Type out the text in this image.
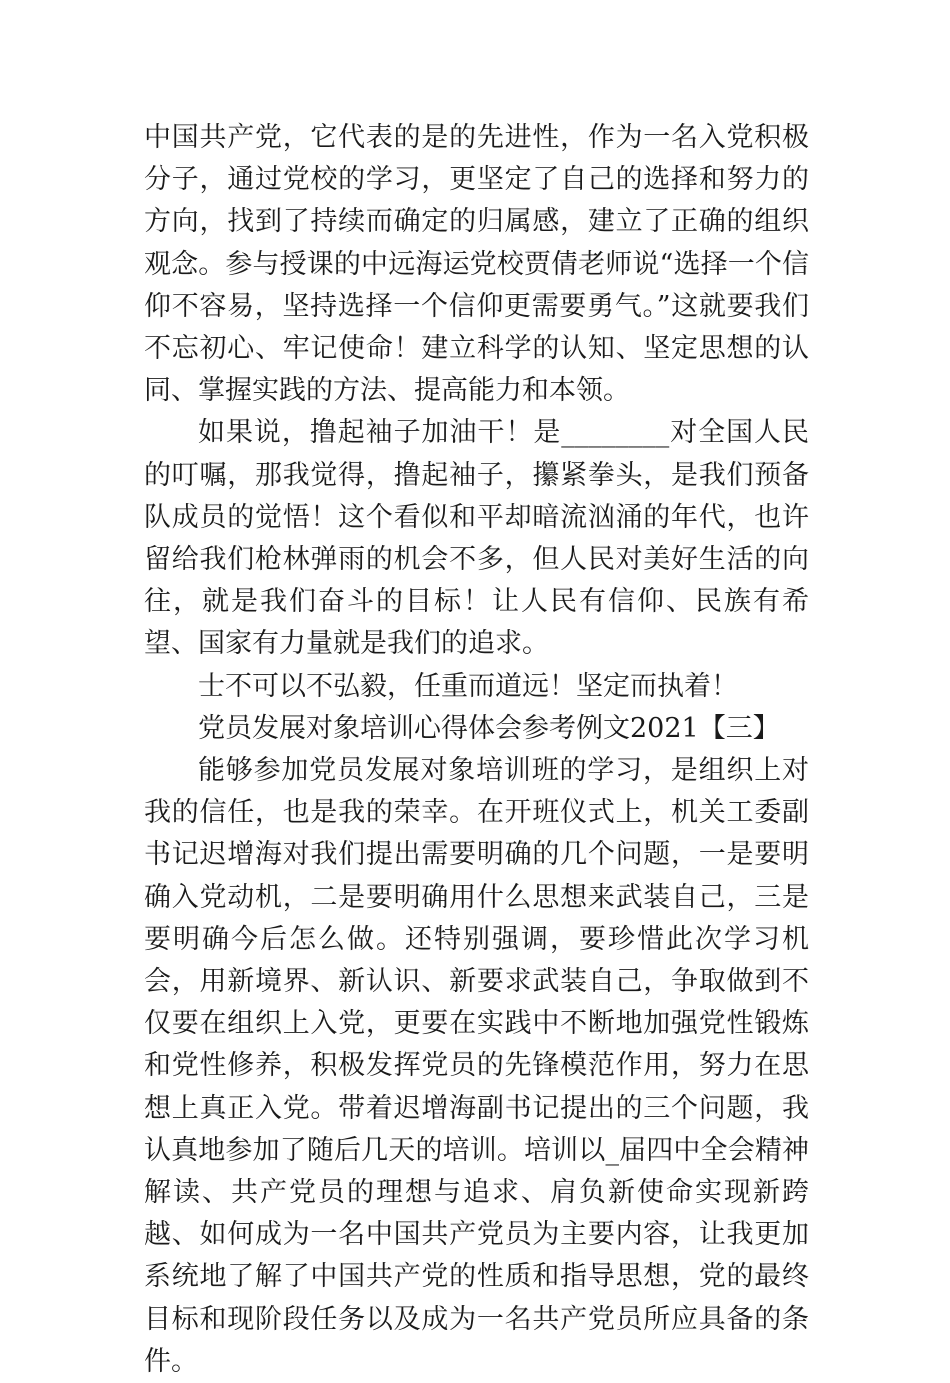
中国共产党，它代表的是的先进性，作为一名入党积极分子，通过党校的学习，更坚定了自己的选择和努力的方向，找到了持续而确定的归属感，建立了正确的组织观念。参与授课的中远海运党校贾倩老师说“选择一个信仰不容易，坚持选择一个信仰更需要勇气。”这就要我们不忘初心、牢记使命！建立科学的认知、坚定思想的认同、掌握实践的方法、提高能力和本领。

如果说，撸起袖子加油干！是________对全国人民的叮嘱，那我觉得，撸起袖子，攥紧拳头，是我们预备队成员的觉悟！这个看似和平却暗流汹涌的年代，也许留给我们枪林弹雨的机会不多，但人民对美好生活的向往，就是我们奋斗的目标！让人民有信仰、民族有希望、国家有力量就是我们的追求。

士不可以不弘毅，任重而道远！坚定而执着！

党员发展对象培训心得体会参考例文2021【三】

能够参加党员发展对象培训班的学习，是组织上对我的信任，也是我的荣幸。在开班仪式上，机关工委副书记迟增海对我们提出需要明确的几个问题，一是要明确入党动机，二是要明确用什么思想来武装自己，三是要明确今后怎么做。还特别强调，要珍惜此次学习机会，用新境界、新认识、新要求武装自己，争取做到不仅要在组织上入党，更要在实践中不断地加强党性锻炼和党性修养，积极发挥党员的先锋模范作用，努力在思想上真正入党。带着迟增海副书记提出的三个问题，我认真地参加了随后几天的培训。培训以_届四中全会精神解读、共产党员的理想与追求、肩负新使命实现新跨越、如何成为一名中国共产党员为主要内容，让我更加系统地了解了中国共产党的性质和指导思想，党的最终目标和现阶段任务以及成为一名共产党员所应具备的条件。
